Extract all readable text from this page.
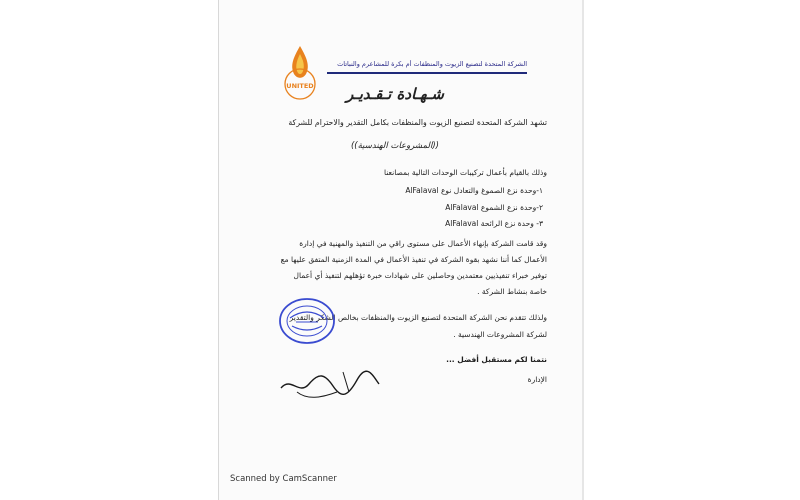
UNITED
الشركة المتحدة لتصنيع الزيوت والمنظفات أم بكرة للمشاعرم والنباتات
شـهـادة تـقـديـر
تشهد الشركة المتحدة لتصنيع الزيوت والمنظفات بكامل التقدير والاحترام للشركة
((المشروعات الهندسية))
وذلك بالقيام بأعمال تركيبات الوحدات التالية بمصانعنا
١-وحدة نزع الصموغ والتعادل نوع AlFalaval
٢-وحدة نزع الشموع AlFalaval
٣- وحدة نزع الرائحة AlFalaval
وقد قامت الشركة بإنهاء الأعمال على مستوى راقي من التنفيذ والمهنية في إدارة
الأعمال كما أننا نشهد بقوة الشركة في تنفيذ الأعمال في المدة الزمنية المتفق عليها مع
توفير خبراء تنفيذيين معتمدين وحاصلين على شهادات خبرة تؤهلهم لتنفيذ أي أعمال
خاصة بنشاط الشركة .
ولذلك تتقدم نحن الشركة المتحدة لتصنيع الزيوت والمنظفات بخالص الشكر والتقدير
لشركة المشروعات الهندسية .
نتمنا لكم مستقبل أفضل ...
الإدارة
Scanned by CamScanner
